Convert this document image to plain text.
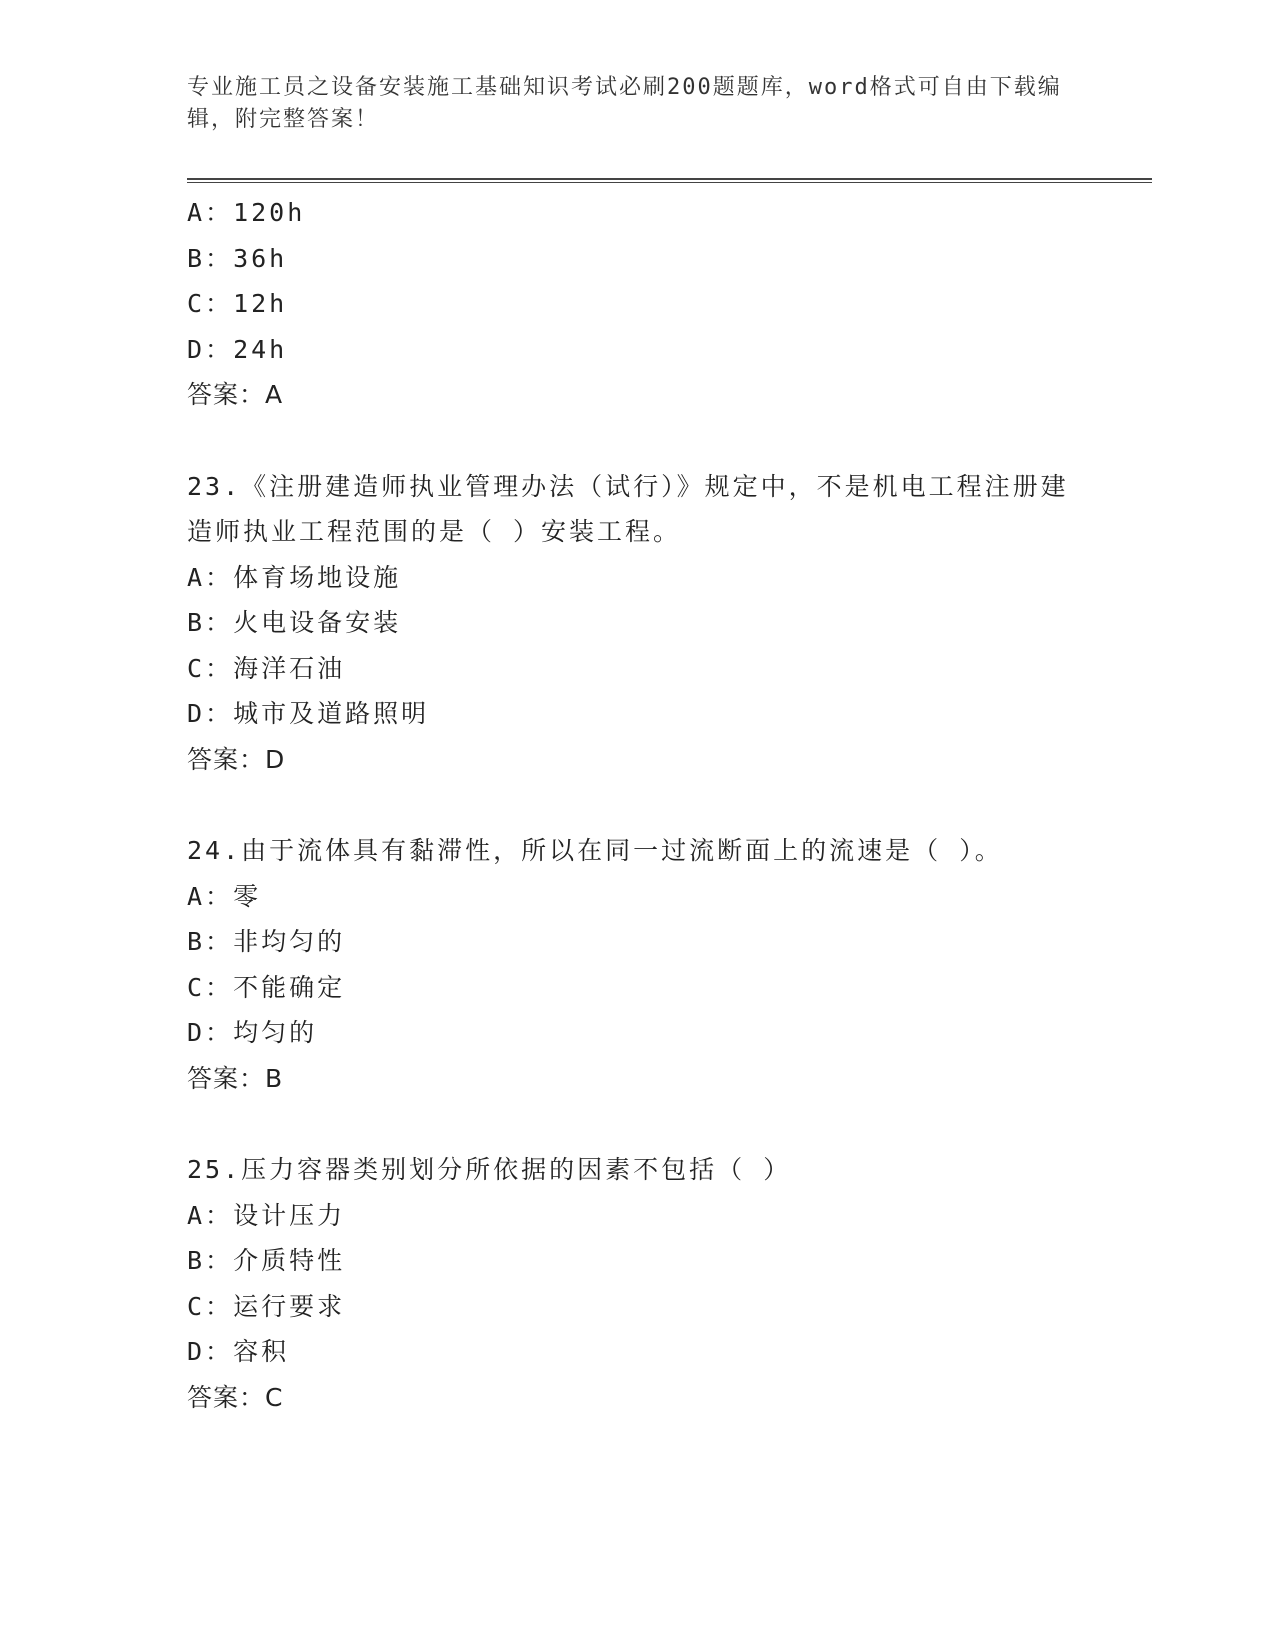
专业施工员之设备安装施工基础知识考试必刷200题题库，word格式可自由下载编辑，附完整答案！
A：120h
B：36h
C：12h
D：24h
答案：A
23.《注册建造师执业管理办法（试行）》规定中，不是机电工程注册建造师执业工程范围的是（ ）安装工程。
A：体育场地设施
B：火电设备安装
C：海洋石油
D：城市及道路照明
答案：D
24.由于流体具有黏滞性，所以在同一过流断面上的流速是（ ）。
A：零
B：非均匀的
C：不能确定
D：均匀的
答案：B
25.压力容器类别划分所依据的因素不包括（ ）
A：设计压力
B：介质特性
C：运行要求
D：容积
答案：C
